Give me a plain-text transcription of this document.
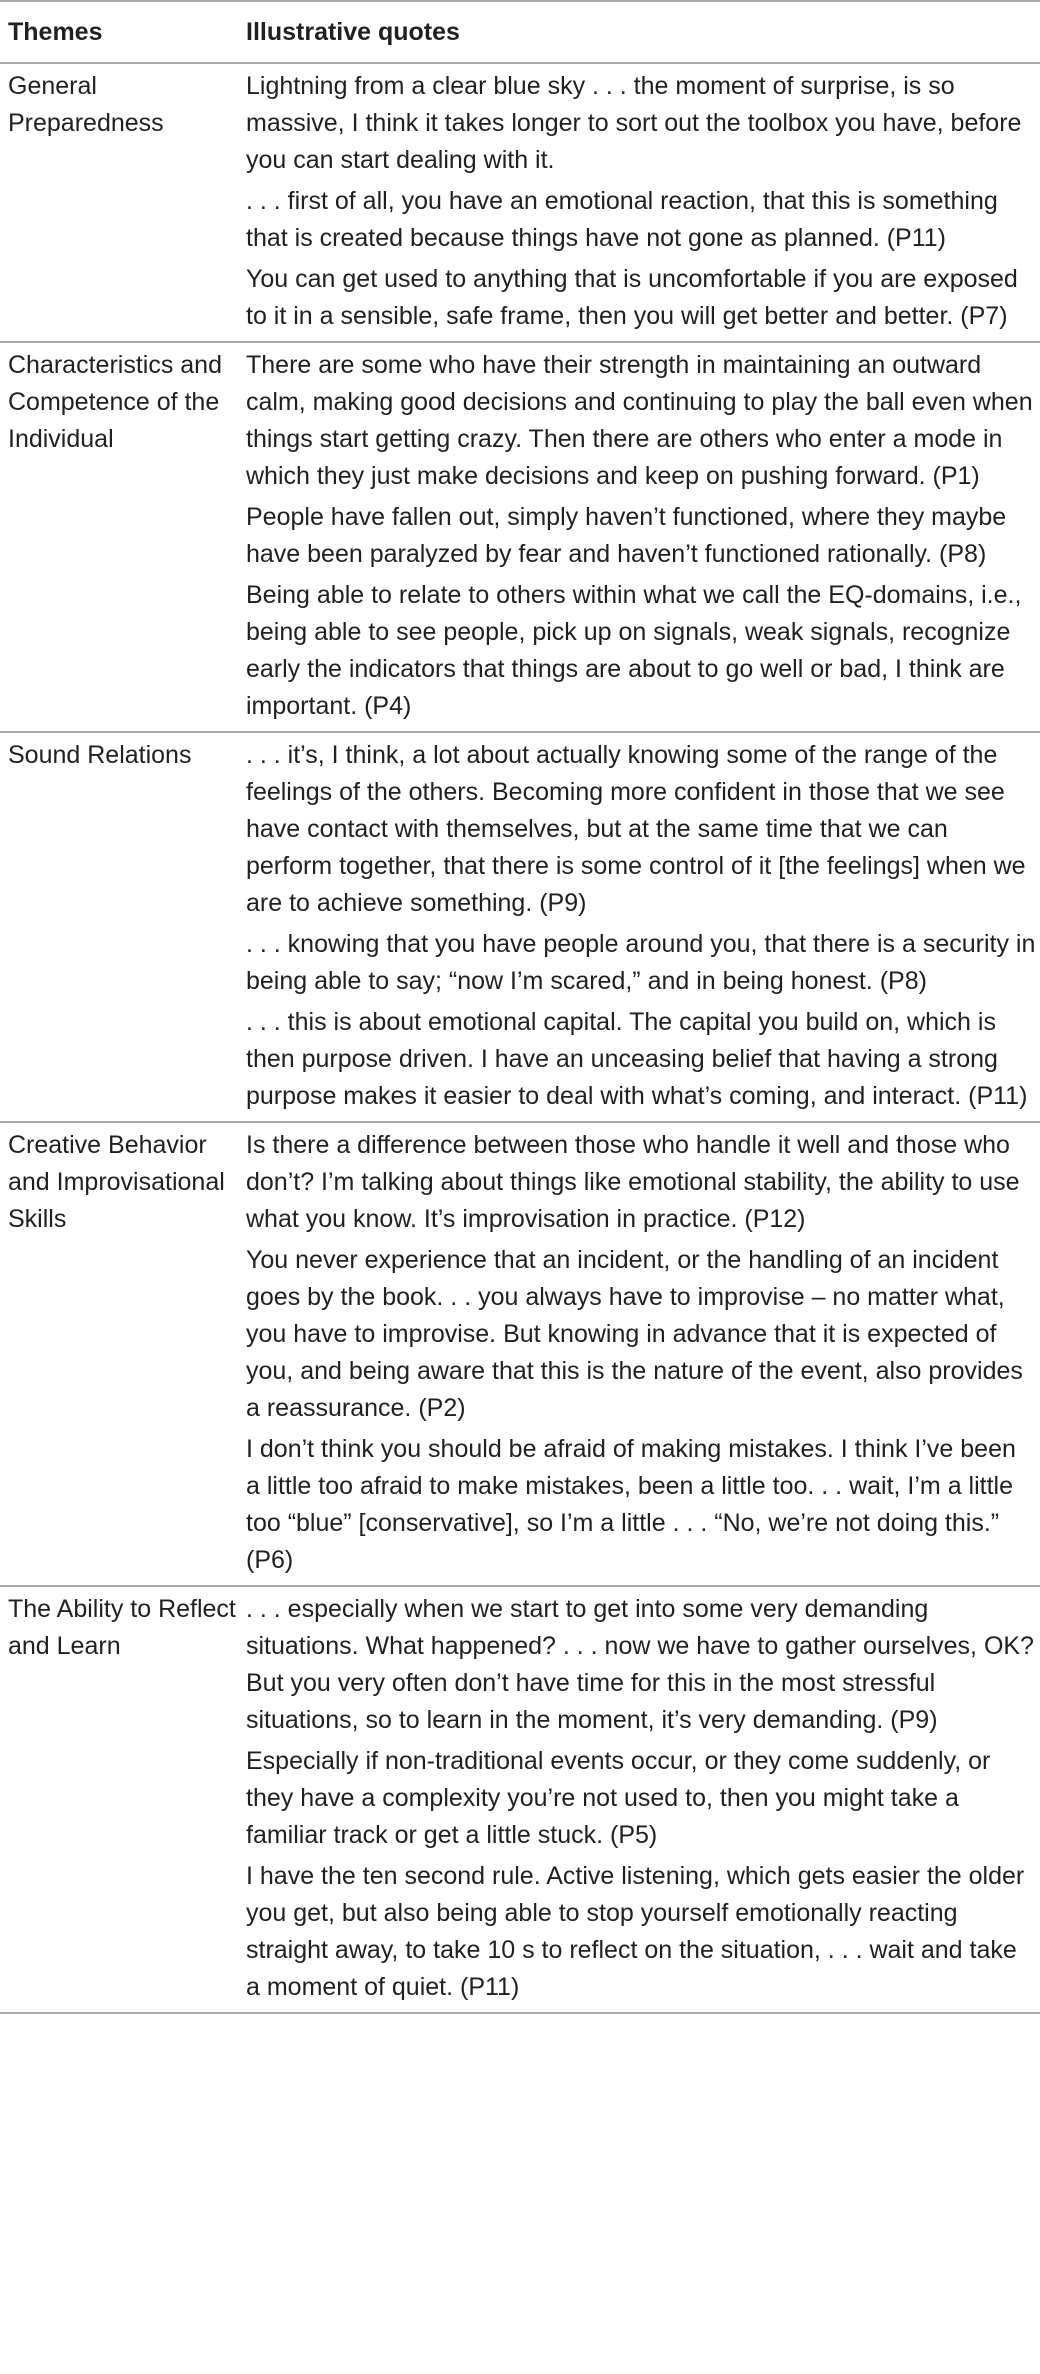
Themes	Illustrative quotes
General Preparedness	Lightning from a clear blue sky . . . the moment of surprise, is so massive, I think it takes longer to sort out the toolbox you have, before you can start dealing with it.

. . . first of all, you have an emotional reaction, that this is something that is created because things have not gone as planned. (P11)

You can get used to anything that is uncomfortable if you are exposed to it in a sensible, safe frame, then you will get better and better. (P7)

Characteristics and Competence of the Individual	There are some who have their strength in maintaining an outward calm, making good decisions and continuing to play the ball even when things start getting crazy. Then there are others who enter a mode in which they just make decisions and keep on pushing forward. (P1)

People have fallen out, simply haven’t functioned, where they maybe have been paralyzed by fear and haven’t functioned rationally. (P8)

Being able to relate to others within what we call the EQ-domains, i.e., being able to see people, pick up on signals, weak signals, recognize early the indicators that things are about to go well or bad, I think are important. (P4)

Sound Relations	. . . it’s, I think, a lot about actually knowing some of the range of the feelings of the others. Becoming more confident in those that we see have contact with themselves, but at the same time that we can perform together, that there is some control of it [the feelings] when we are to achieve something. (P9)

. . . knowing that you have people around you, that there is a security in being able to say; “now I’m scared,” and in being honest. (P8)

. . . this is about emotional capital. The capital you build on, which is then purpose driven. I have an unceasing belief that having a strong purpose makes it easier to deal with what’s coming, and interact. (P11)

Creative Behavior and Improvisational Skills	Is there a difference between those who handle it well and those who don’t? I’m talking about things like emotional stability, the ability to use what you know. It’s improvisation in practice. (P12)

You never experience that an incident, or the handling of an incident goes by the book. . . you always have to improvise – no matter what, you have to improvise. But knowing in advance that it is expected of you, and being aware that this is the nature of the event, also provides a reassurance. (P2)

I don’t think you should be afraid of making mistakes. I think I’ve been a little too afraid to make mistakes, been a little too. . . wait, I’m a little too “blue” [conservative], so I’m a little . . . “No, we’re not doing this.” (P6)

The Ability to Reflect and Learn	. . . especially when we start to get into some very demanding situations. What happened? . . . now we have to gather ourselves, OK? But you very often don’t have time for this in the most stressful situations, so to learn in the moment, it’s very demanding. (P9)

Especially if non-traditional events occur, or they come suddenly, or they have a complexity you’re not used to, then you might take a familiar track or get a little stuck. (P5)

I have the ten second rule. Active listening, which gets easier the older you get, but also being able to stop yourself emotionally reacting straight away, to take 10 s to reflect on the situation, . . . wait and take a moment of quiet. (P11)
